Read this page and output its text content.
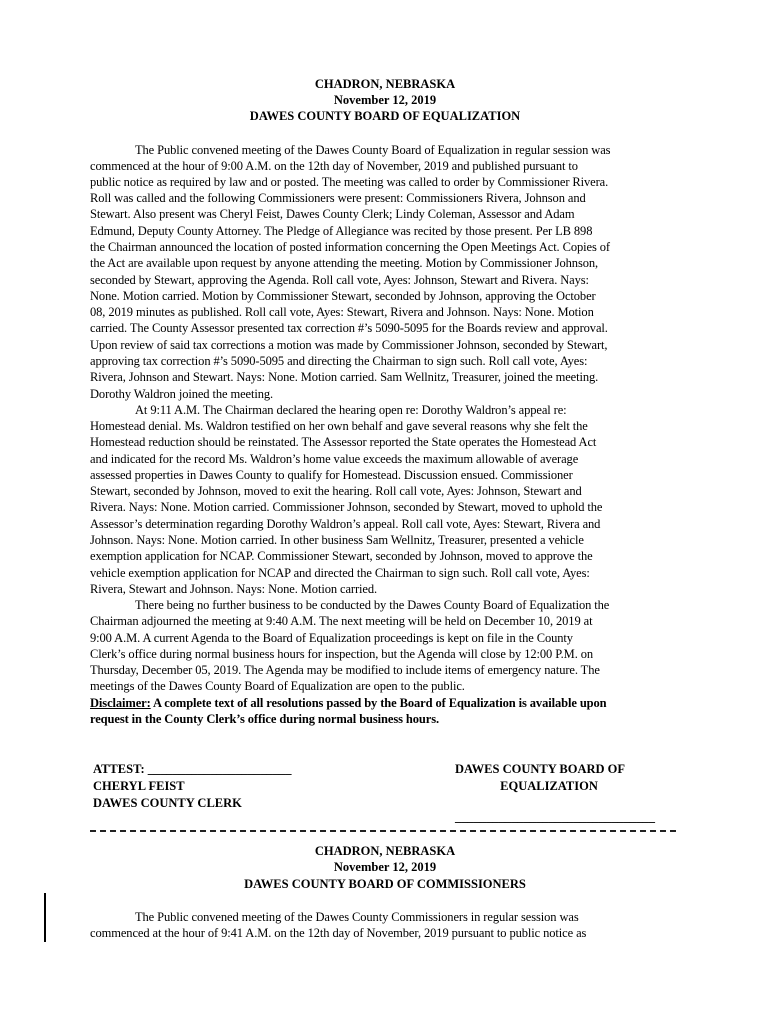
CHADRON, NEBRASKA
November 12, 2019
DAWES COUNTY BOARD OF EQUALIZATION
The Public convened meeting of the Dawes County Board of Equalization in regular session was
commenced at the hour of 9:00 A.M. on the 12th day of November, 2019 and published pursuant to
public notice as required by law and or posted. The meeting was called to order by Commissioner Rivera.
Roll was called and the following Commissioners were present: Commissioners Rivera, Johnson and
Stewart. Also present was Cheryl Feist, Dawes County Clerk; Lindy Coleman, Assessor and Adam
Edmund, Deputy County Attorney. The Pledge of Allegiance was recited by those present. Per LB 898
the Chairman announced the location of posted information concerning the Open Meetings Act. Copies of
the Act are available upon request by anyone attending the meeting. Motion by Commissioner Johnson,
seconded by Stewart, approving the Agenda. Roll call vote, Ayes: Johnson, Stewart and Rivera. Nays:
None. Motion carried. Motion by Commissioner Stewart, seconded by Johnson, approving the October
08, 2019 minutes as published. Roll call vote, Ayes: Stewart, Rivera and Johnson. Nays: None. Motion
carried. The County Assessor presented tax correction #’s 5090-5095 for the Boards review and approval.
Upon review of said tax corrections a motion was made by Commissioner Johnson, seconded by Stewart,
approving tax correction #’s 5090-5095 and directing the Chairman to sign such. Roll call vote, Ayes:
Rivera, Johnson and Stewart. Nays: None. Motion carried. Sam Wellnitz, Treasurer, joined the meeting.
Dorothy Waldron joined the meeting.
At 9:11 A.M. The Chairman declared the hearing open re: Dorothy Waldron’s appeal re:
Homestead denial. Ms. Waldron testified on her own behalf and gave several reasons why she felt the
Homestead reduction should be reinstated. The Assessor reported the State operates the Homestead Act
and indicated for the record Ms. Waldron’s home value exceeds the maximum allowable of average
assessed properties in Dawes County to qualify for Homestead. Discussion ensued. Commissioner
Stewart, seconded by Johnson, moved to exit the hearing. Roll call vote, Ayes: Johnson, Stewart and
Rivera. Nays: None. Motion carried. Commissioner Johnson, seconded by Stewart, moved to uphold the
Assessor’s determination regarding Dorothy Waldron’s appeal. Roll call vote, Ayes: Stewart, Rivera and
Johnson. Nays: None. Motion carried. In other business Sam Wellnitz, Treasurer, presented a vehicle
exemption application for NCAP. Commissioner Stewart, seconded by Johnson, moved to approve the
vehicle exemption application for NCAP and directed the Chairman to sign such. Roll call vote, Ayes:
Rivera, Stewart and Johnson. Nays: None. Motion carried.
There being no further business to be conducted by the Dawes County Board of Equalization the
Chairman adjourned the meeting at 9:40 A.M. The next meeting will be held on December 10, 2019 at
9:00 A.M. A current Agenda to the Board of Equalization proceedings is kept on file in the County
Clerk’s office during normal business hours for inspection, but the Agenda will close by 12:00 P.M. on
Thursday, December 05, 2019. The Agenda may be modified to include items of emergency nature. The
meetings of the Dawes County Board of Equalization are open to the public.
Disclaimer: A complete text of all resolutions passed by the Board of Equalization is available upon
request in the County Clerk’s office during normal business hours.
ATTEST: _______________________
CHERYL FEIST
DAWES COUNTY CLERK
DAWES COUNTY BOARD OF
EQUALIZATION
________________________________
CHADRON, NEBRASKA
November 12, 2019
DAWES COUNTY BOARD OF COMMISSIONERS
The Public convened meeting of the Dawes County Commissioners in regular session was
commenced at the hour of 9:41 A.M. on the 12th day of November, 2019 pursuant to public notice as
